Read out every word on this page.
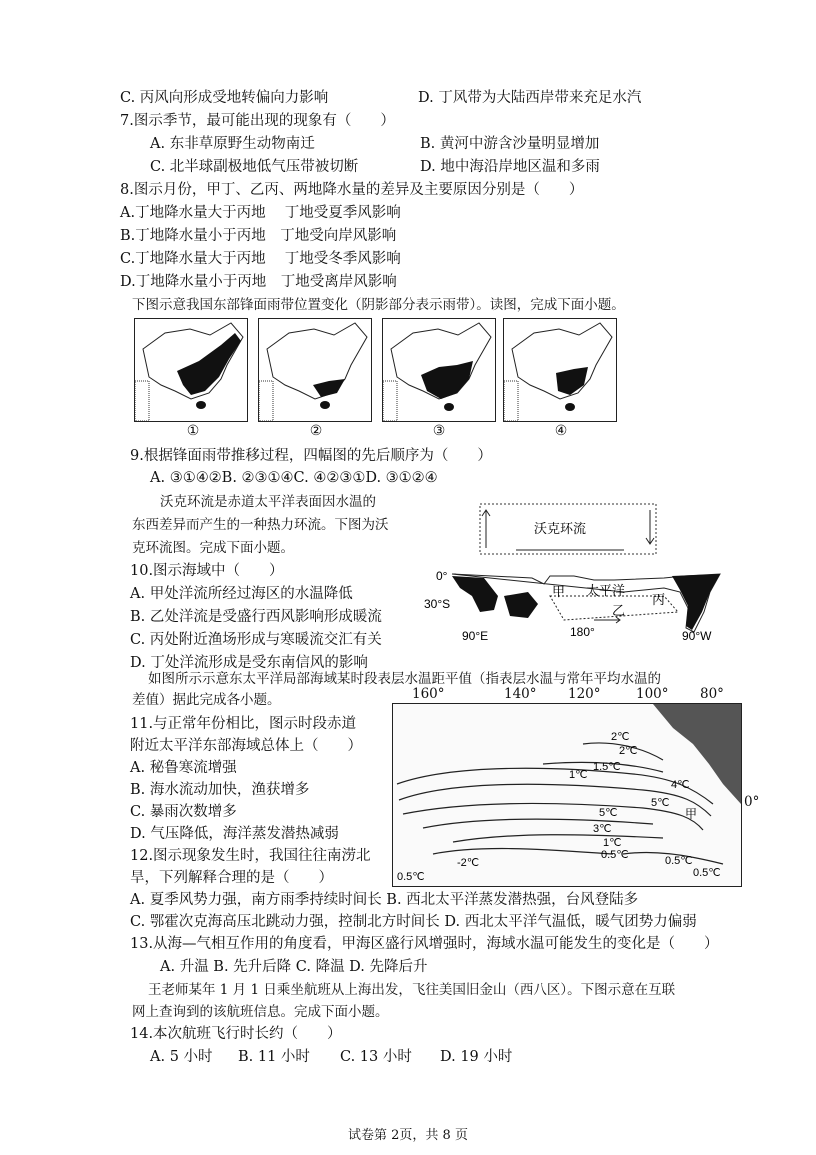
C. 丙风向形成受地转偏向力影响	D. 丁风带为大陆西岸带来充足水汽
7.图示季节，最可能出现的现象有（　　）
A. 东非草原野生动物南迁	B. 黄河中游含沙量明显增加
C. 北半球副极地低气压带被切断	D. 地中海沿岸地区温和多雨
8.图示月份，甲丁、乙丙、两地降水量的差异及主要原因分别是（　　）
A.丁地降水量大于丙地　 丁地受夏季风影响
B.丁地降水量小于丙地　丁地受向岸风影响
C.丁地降水量大于丙地　 丁地受冬季风影响
D.丁地降水量小于丙地　丁地受离岸风影响
下图示意我国东部锋面雨带位置变化（阴影部分表示雨带）。读图，完成下面小题。
①	②	③	④
9.根据锋面雨带推移过程，四幅图的先后顺序为（　　）
A. ③①④②B. ②③①④C. ④②③①D. ③①②④
沃克环流是赤道太平洋表面因水温的
东西差异而产生的一种热力环流。下图为沃
克环流图。完成下面小题。
沃克环流
0°
30°S
甲 太平洋
乙
丙
90°E	180°	90°W
10.图示海域中（　　）
A. 甲处洋流所经过海区的水温降低
B. 乙处洋流是受盛行西风影响形成暖流
C. 丙处附近渔场形成与寒暖流交汇有关
D. 丁处洋流形成是受东南信风的影响
如图所示示意东太平洋局部海域某时段表层水温距平值（指表层水温与常年平均水温的
差值）据此完成各小题。	160°	140° 120°	100° 80°
2℃
2℃
1.5℃
1℃
4℃
5℃
5℃
3℃
1℃
0.5℃	0.5℃
-2℃
0.5℃	0.5℃
甲
0°
11.与正常年份相比，图示时段赤道
附近太平洋东部海域总体上（　　）
A. 秘鲁寒流增强
B. 海水流动加快，渔获增多
C. 暴雨次数增多
D. 气压降低，海洋蒸发潜热减弱
12.图示现象发生时，我国往往南涝北
旱，下列解释合理的是（　　）
A. 夏季风势力强，南方雨季持续时间长 B. 西北太平洋蒸发潜热强，台风登陆多
C. 鄂霍次克海高压北跳动力强，控制北方时间长 D. 西北太平洋气温低，暖气团势力偏弱
13.从海—气相互作用的角度看，甲海区盛行风增强时，海域水温可能发生的变化是（　　）
A. 升温 B. 先升后降 C. 降温 D. 先降后升
王老师某年 1 月 1 日乘坐航班从上海出发，飞往美国旧金山（西八区）。下图示意在互联
网上查询到的该航班信息。完成下面小题。
14.本次航班飞行时长约（　　）
A. 5 小时 B. 11 小时 C. 13 小时 D. 19 小时
试卷第 2页，共 8 页
